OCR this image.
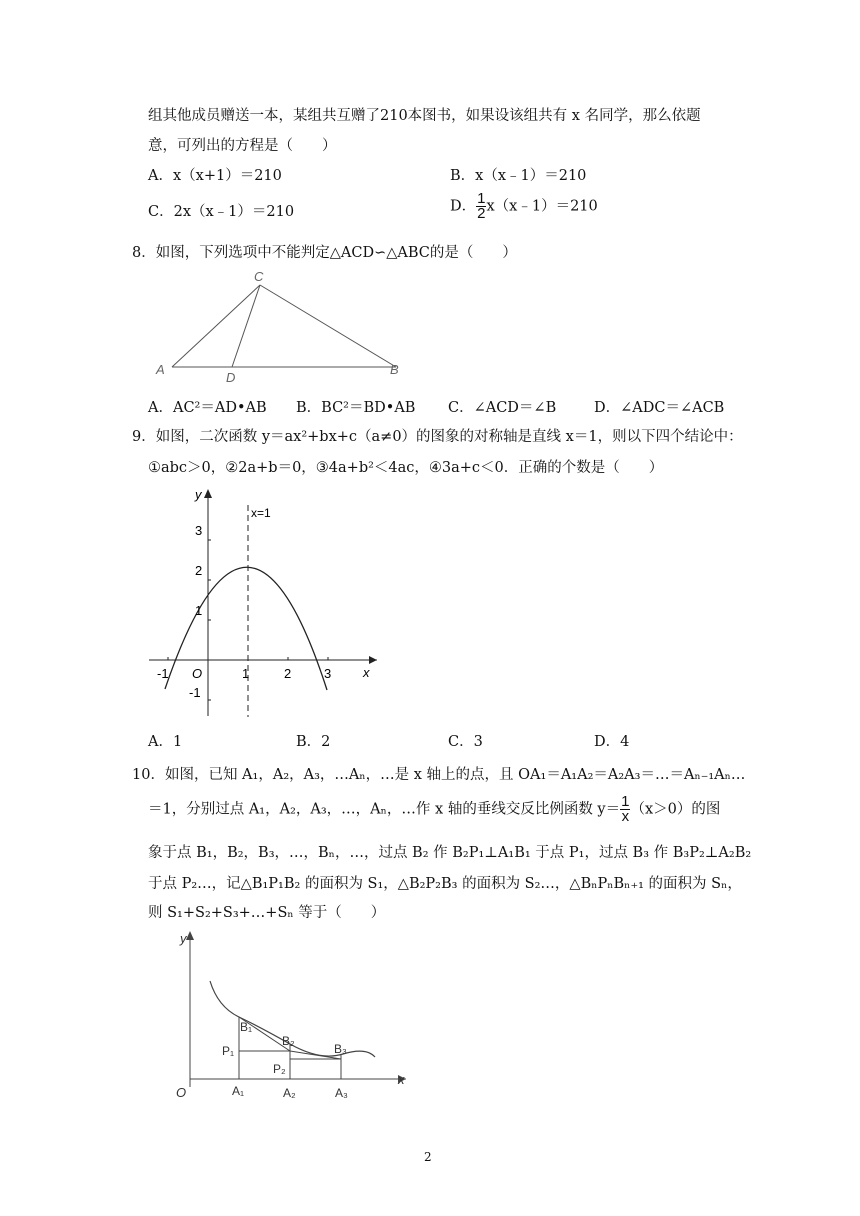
组其他成员赠送一本，某组共互赠了210本图书，如果设该组共有 x 名同学，那么依题
意，可列出的方程是（　　）
A．x（x+1）＝210	B．x（x﹣1）＝210
C．2x（x﹣1）＝210	D． $\frac{1}{2}$ x（x﹣1）＝210
8．如图，下列选项中不能判定△ACD∽△ABC的是（　　）
C
A
D
B
A．AC²＝AD•AB B．BC²＝BD•AB C．∠ACD＝∠B	D．∠ADC＝∠ACB
9．如图，二次函数 y＝ax²+bx+c（a≠0）的图象的对称轴是直线 x＝1，则以下四个结论中：
①abc＞0，②2a+b＝0，③4a+b²＜4ac，④3a+c＜0．正确的个数是（　　）
y
x
x=1
O
3
2
1
-1
-1	1	2	3
A．1	B．2	C．3	D．4
10．如图，已知 A₁，A₂，A₃，…Aₙ，…是 x 轴上的点，且 OA₁＝A₁A₂＝A₂A₃＝…＝Aₙ₋₁Aₙ…
＝1，分别过点 A₁，A₂，A₃，…，Aₙ，…作 x 轴的垂线交反比例函数 $y= \frac{1}{x} (x>0)$的图
象于点 B₁，B₂，B₃，…，Bₙ，…，过点 B₂ 作 B₂P₁⊥A₁B₁ 于点 P₁，过点 B₃ 作 B₃P₂⊥A₂B₂
于点 P₂…，记△B₁P₁B₂ 的面积为 S₁，△B₂P₂B₃ 的面积为 S₂…，△BₙPₙBₙ₊₁ 的面积为 Sₙ，
则 S₁+S₂+S₃+…+Sₙ 等于（　　）
y
x
O
B₁
B₂
B₃
P₁
P₂
A₁	A₂	A₃
2
